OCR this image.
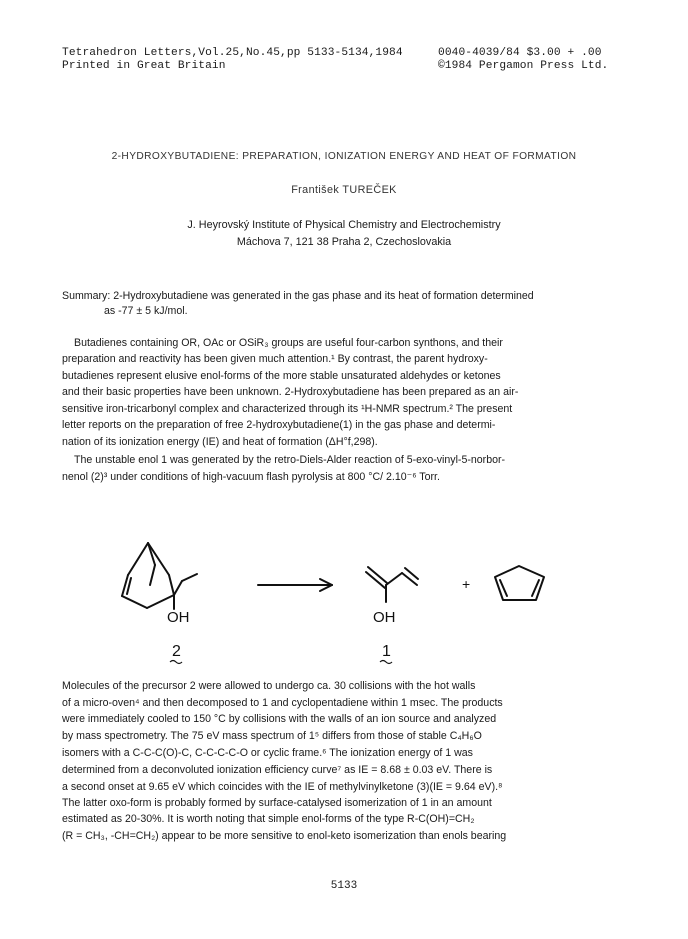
Tetrahedron Letters,Vol.25,No.45,pp 5133-5134,1984
Printed in Great Britain
0040-4039/84 $3.00 + .00
©1984 Pergamon Press Ltd.
2-HYDROXYBUTADIENE: PREPARATION, IONIZATION ENERGY AND HEAT OF FORMATION
František TUREČEK
J. Heyrovský Institute of Physical Chemistry and Electrochemistry
Máchova 7, 121 38 Praha 2, Czechoslovakia
Summary: 2-Hydroxybutadiene was generated in the gas phase and its heat of formation determined
as -77 ± 5 kJ/mol.
Butadienes containing OR, OAc or OSiR₃ groups are useful four-carbon synthons, and their
preparation and reactivity has been given much attention.¹ By contrast, the parent hydroxy-
butadienes represent elusive enol-forms of the more stable unsaturated aldehydes or ketones
and their basic properties have been unknown. 2-Hydroxybutadiene has been prepared as an air-
sensitive iron-tricarbonyl complex and characterized through its ¹H-NMR spectrum.² The present
letter reports on the preparation of free 2-hydroxybutadiene(1) in the gas phase and determi-
nation of its ionization energy (IE) and heat of formation (ΔH°f,298).
The unstable enol 1 was generated by the retro-Diels-Alder reaction of 5-exo-vinyl-5-norbor-
nenol (2)³ under conditions of high-vacuum flash pyrolysis at 800 °C/ 2.10⁻⁶ Torr.
OH	OH
+
2	1
Molecules of the precursor 2 were allowed to undergo ca. 30 collisions with the hot walls
of a micro-oven⁴ and then decomposed to 1 and cyclopentadiene within 1 msec. The products
were immediately cooled to 150 °C by collisions with the walls of an ion source and analyzed
by mass spectrometry. The 75 eV mass spectrum of 1⁵ differs from those of stable C₄H₆O
isomers with a C-C-C(O)-C, C-C-C-C-O or cyclic frame.⁶ The ionization energy of 1 was
determined from a deconvoluted ionization efficiency curve⁷ as IE = 8.68 ± 0.03 eV. There is
a second onset at 9.65 eV which coincides with the IE of methylvinylketone (3)(IE = 9.64 eV).⁸
The latter oxo-form is probably formed by surface-catalysed isomerization of 1 in an amount
estimated as 20-30%. It is worth noting that simple enol-forms of the type R-C(OH)=CH₂
(R = CH₃, -CH=CH₂) appear to be more sensitive to enol-keto isomerization than enols bearing
5133
